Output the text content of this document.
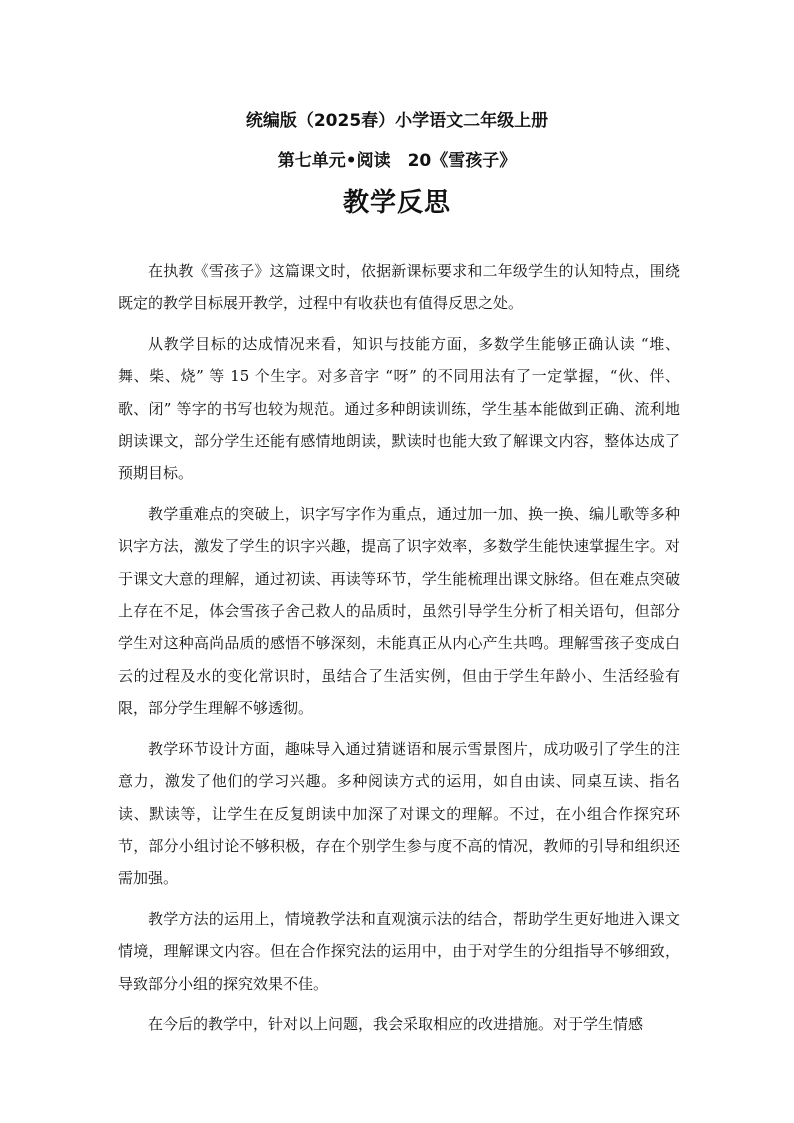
统编版（2025春）小学语文二年级上册
第七单元•阅读　20《雪孩子》
教学反思

在执教《雪孩子》这篇课文时，依据新课标要求和二年级学生的认知特点，围绕既定的教学目标展开教学，过程中有收获也有值得反思之处。

从教学目标的达成情况来看，知识与技能方面，多数学生能够正确认读 “堆、舞、柴、烧” 等 15 个生字。对多音字 “呀” 的不同用法有了一定掌握，“伙、伴、歌、闭” 等字的书写也较为规范。通过多种朗读训练，学生基本能做到正确、流利地朗读课文，部分学生还能有感情地朗读，默读时也能大致了解课文内容，整体达成了预期目标。

教学重难点的突破上，识字写字作为重点，通过加一加、换一换、编儿歌等多种识字方法，激发了学生的识字兴趣，提高了识字效率，多数学生能快速掌握生字。对于课文大意的理解，通过初读、再读等环节，学生能梳理出课文脉络。但在难点突破上存在不足，体会雪孩子舍己救人的品质时，虽然引导学生分析了相关语句，但部分学生对这种高尚品质的感悟不够深刻，未能真正从内心产生共鸣。理解雪孩子变成白云的过程及水的变化常识时，虽结合了生活实例，但由于学生年龄小、生活经验有限，部分学生理解不够透彻。

教学环节设计方面，趣味导入通过猜谜语和展示雪景图片，成功吸引了学生的注意力，激发了他们的学习兴趣。多种阅读方式的运用，如自由读、同桌互读、指名读、默读等，让学生在反复朗读中加深了对课文的理解。不过，在小组合作探究环节，部分小组讨论不够积极，存在个别学生参与度不高的情况，教师的引导和组织还需加强。

教学方法的运用上，情境教学法和直观演示法的结合，帮助学生更好地进入课文情境，理解课文内容。但在合作探究法的运用中，由于对学生的分组指导不够细致，导致部分小组的探究效果不佳。

在今后的教学中，针对以上问题，我会采取相应的改进措施。对于学生情感
